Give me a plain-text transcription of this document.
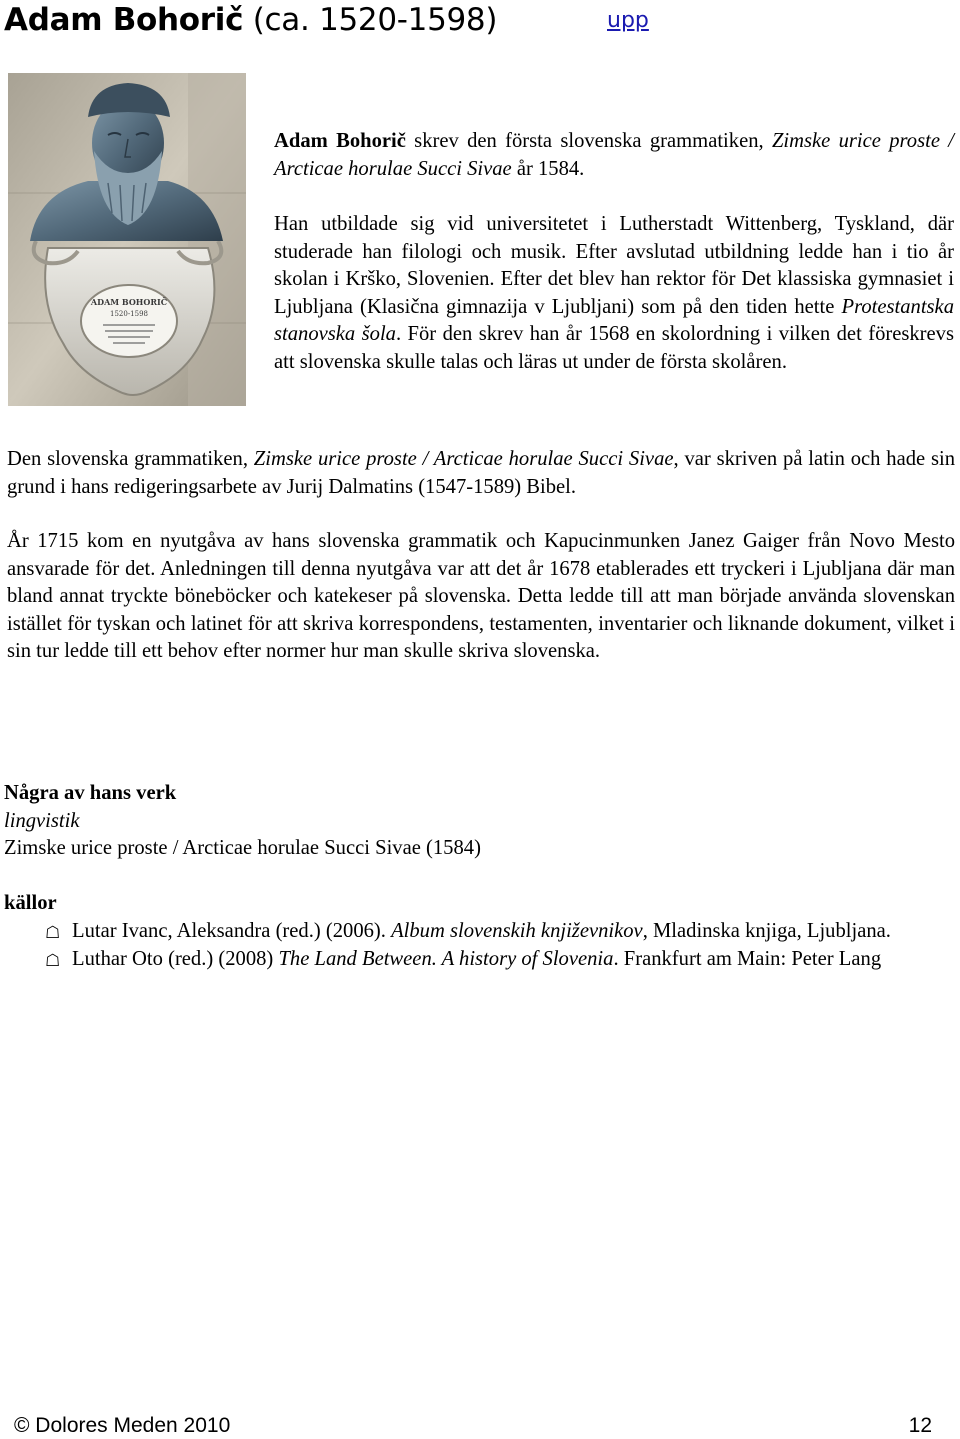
Adam Bohorič (ca. 1520-1598)	upp
ADAM BOHORIČ
1520-1598

Adam Bohorič skrev den första slovenska grammatiken, Zimske urice proste / Arcticae horulae Succi Sivae år 1584.

Han utbildade sig vid universitetet i Lutherstadt Wittenberg, Tyskland, där studerade han filologi och musik. Efter avslutad utbildning ledde han i tio år skolan i Krško, Slovenien. Efter det blev han rektor för Det klassiska gymnasiet i Ljubljana (Klasična gimnazija v Ljubljani) som på den tiden hette Protestantska stanovska šola. För den skrev han år 1568 en skolordning i vilken det föreskrevs att slovenska skulle talas och läras ut under de första skolåren.

Den slovenska grammatiken, Zimske urice proste / Arcticae horulae Succi Sivae, var skriven på latin och hade sin grund i hans redigeringsarbete av Jurij Dalmatins (1547-1589) Bibel.

År 1715 kom en nyutgåva av hans slovenska grammatik och Kapucinmunken Janez Gaiger från Novo Mesto ansvarade för det. Anledningen till denna nyutgåva var att det år 1678 etablerades ett tryckeri i Ljubljana där man bland annat tryckte böneböcker och katekeser på slovenska. Detta ledde till att man började använda slovenskan istället för tyskan och latinet för att skriva korrespondens, testamenten, inventarier och liknande dokument, vilket i sin tur ledde till ett behov efter normer hur man skulle skriva slovenska.

Några av hans verk
lingvistik
Zimske urice proste / Arcticae horulae Succi Sivae (1584)
källor
☖ Lutar Ivanc, Aleksandra (red.) (2006). Album slovenskih književnikov, Mladinska knjiga, Ljubljana.
☖ Luthar Oto (red.) (2008) The Land Between. A history of Slovenia. Frankfurt am Main: Peter Lang
© Dolores Meden 2010	12
